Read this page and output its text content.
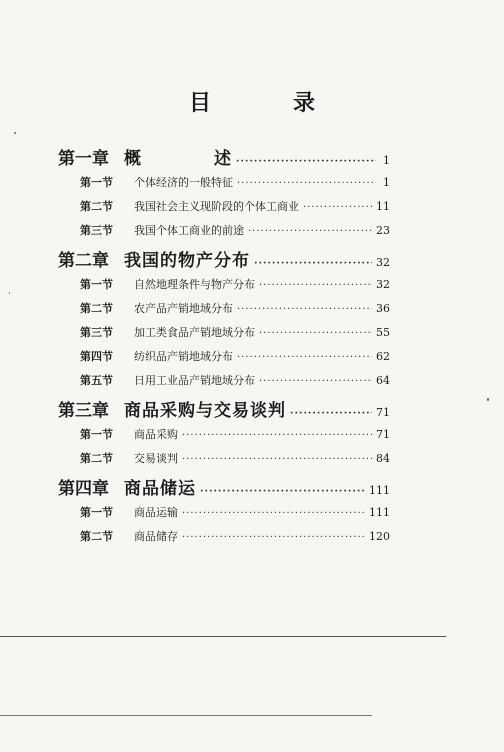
目　录
第一章 概　　　　述 ·····	1
第一节	个体经济的一般特征 ·····	1
第二节	我国社会主义现阶段的个体工商业 ·····	11
第三节	我国个体工商业的前途 ·····	23
第二章 我国的物产分布 ·····	32
第一节	自然地理条件与物产分布 ·····	32
第二节	农产品产销地域分布 ·····	36
第三节	加工类食品产销地域分布 ·····	55
第四节	纺织品产销地域分布 ·····	62
第五节	日用工业品产销地域分布 ·····	64
第三章 商品采购与交易谈判 ·····	71
第一节	商品采购 ·····	71
第二节	交易谈判 ·····	84
第四章 商品储运 ·····	111
第一节	商品运输 ·····	111
第二节	商品储存 ·····	120
